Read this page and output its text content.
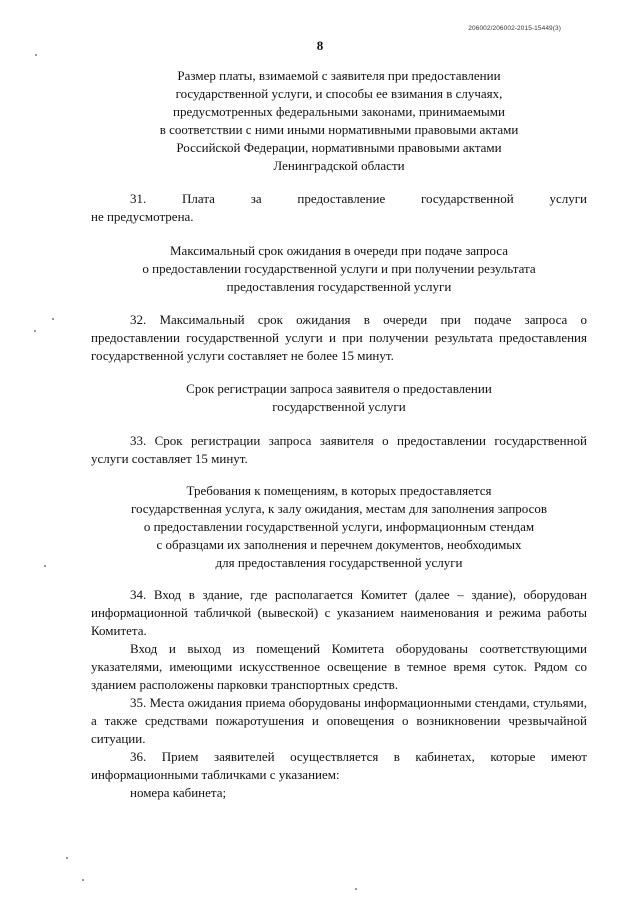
206002/206002-2015-15449(3)
8
Размер платы, взимаемой с заявителя при предоставлении
государственной услуги, и способы ее взимания в случаях,
предусмотренных федеральными законами, принимаемыми
в соответствии с ними иными нормативными правовыми актами
Российской Федерации, нормативными правовыми актами
Ленинградской области
31. Плата за предоставление государственной услуги
не предусмотрена.
Максимальный срок ожидания в очереди при подаче запроса
о предоставлении государственной услуги и при получении результата
предоставления государственной услуги

32. Максимальный срок ожидания в очереди при подаче запроса о предоставлении государственной услуги и при получении результата предоставления государственной услуги составляет не более 15 минут.

Срок регистрации запроса заявителя о предоставлении
государственной услуги

33. Срок регистрации запроса заявителя о предоставлении государственной услуги составляет 15 минут.

Требования к помещениям, в которых предоставляется
государственная услуга, к залу ожидания, местам для заполнения запросов
о предоставлении государственной услуги, информационным стендам
с образцами их заполнения и перечнем документов, необходимых
для предоставления государственной услуги

34. Вход в здание, где располагается Комитет (далее – здание), оборудован информационной табличкой (вывеской) с указанием наименования и режима работы Комитета.

Вход и выход из помещений Комитета оборудованы соответствующими указателями, имеющими искусственное освещение в темное время суток. Рядом со зданием расположены парковки транспортных средств.

35. Места ожидания приема оборудованы информационными стендами, стульями, а также средствами пожаротушения и оповещения о возникновении чрезвычайной ситуации.

36. Прием заявителей осуществляется в кабинетах, которые имеют информационными табличками с указанием:

номера кабинета;
